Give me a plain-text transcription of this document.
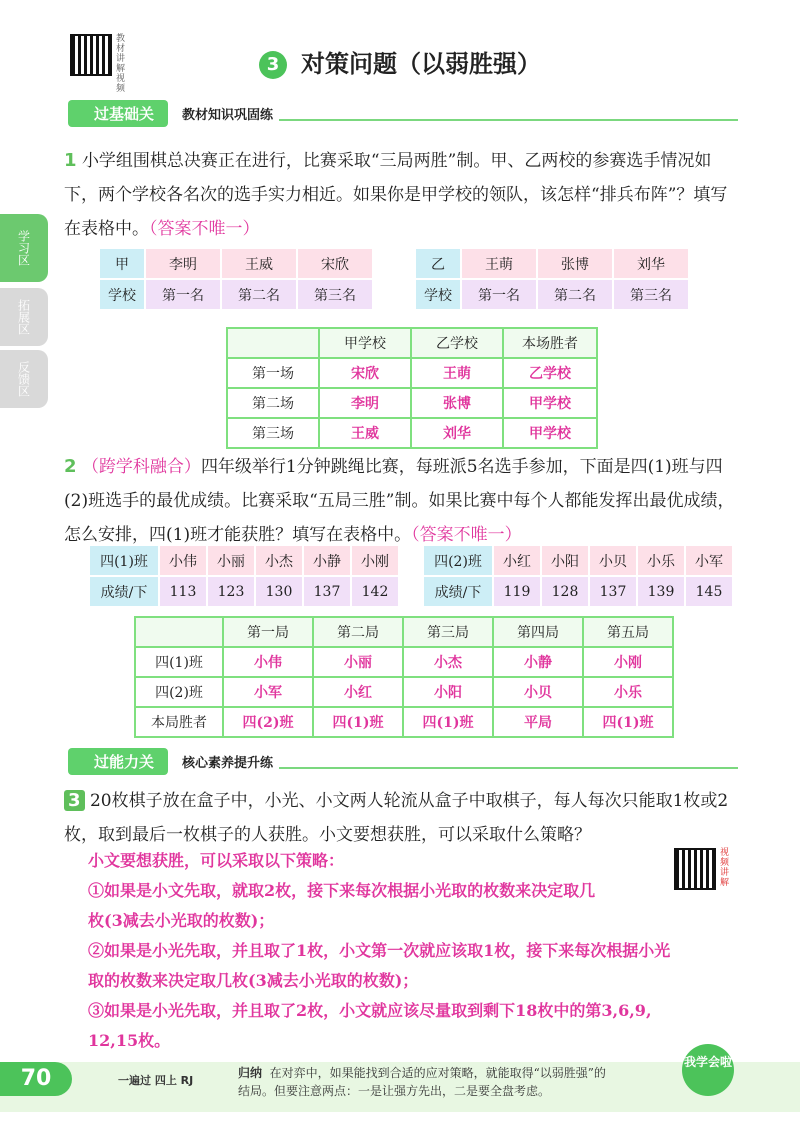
教材讲解视频
3 对策问题（以弱胜强）
学习区
拓展区
反馈区
过基础关	教材知识巩固练
1 小学组围棋总决赛正在进行，比赛采取“三局两胜”制。甲、乙两校的参赛选手情况如下，两个学校各名次的选手实力相近。如果你是甲学校的领队，该怎样“排兵布阵”？填写在表格中。（答案不唯一）
甲	李明	王威	宋欣
学校	第一名	第二名	第三名
乙	王萌	张博	刘华
学校	第一名	第二名	第三名
	甲学校	乙学校	本场胜者
第一场	宋欣	王萌	乙学校
第二场	李明	张博	甲学校
第三场	王威	刘华	甲学校
2 （跨学科融合）四年级举行1分钟跳绳比赛，每班派5名选手参加，下面是四(1)班与四(2)班选手的最优成绩。比赛采取“五局三胜”制。如果比赛中每个人都能发挥出最优成绩，怎么安排，四(1)班才能获胜？填写在表格中。（答案不唯一）
四(1)班	小伟	小丽	小杰	小静	小刚
成绩/下	113	123	130	137	142
四(2)班	小红	小阳	小贝	小乐	小军
成绩/下	119	128	137	139	145
	第一局	第二局	第三局	第四局	第五局
四(1)班	小伟	小丽	小杰	小静	小刚
四(2)班	小军	小红	小阳	小贝	小乐
本局胜者	四(2)班	四(1)班	四(1)班	平局	四(1)班
过能力关	核心素养提升练
3 20枚棋子放在盒子中，小光、小文两人轮流从盒子中取棋子，每人每次只能取1枚或2枚，取到最后一枚棋子的人获胜。小文要想获胜，可以采取什么策略？
视频讲解
小文要想获胜，可以采取以下策略：
①如果是小文先取，就取2枚，接下来每次根据小光取的枚数来决定取几
枚(3减去小光取的枚数)；
②如果是小光先取，并且取了1枚，小文第一次就应该取1枚，接下来每次根据小光
取的枚数来决定取几枚(3减去小光取的枚数)；
③如果是小光先取，并且取了2枚，小文就应该尽量取到剩下18枚中的第3,6,9,
12,15枚。
70	一遍过 四上 RJ
归纳 在对弈中，如果能找到合适的应对策略，就能取得“以弱胜强”的
结局。但要注意两点：一是让强方先出，二是要全盘考虑。
我学会啦
